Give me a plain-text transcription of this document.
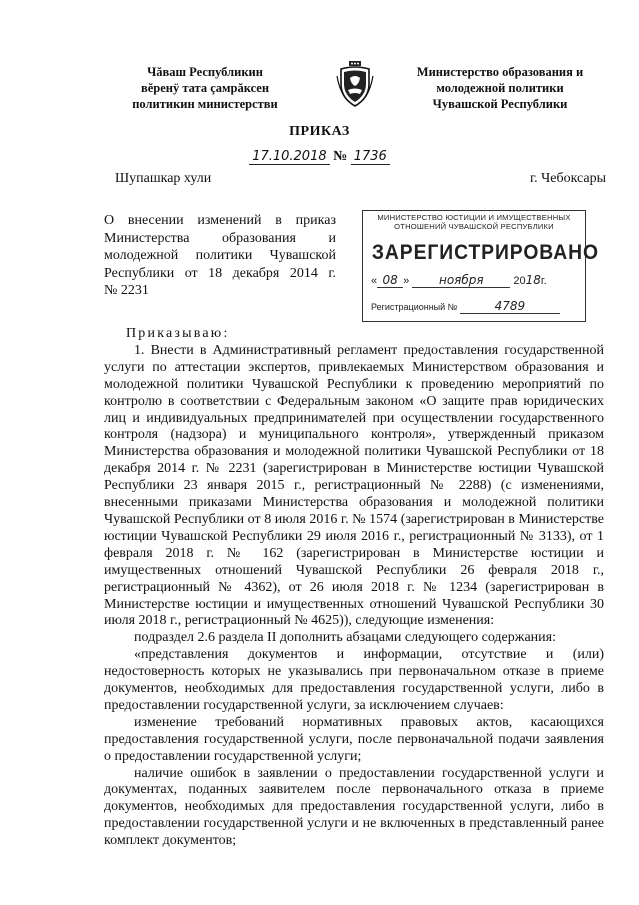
Чăваш Республикин
вĕренÿ тата çамрăксен
политикин министерстви
Министерство образования и
молодежной политики
Чувашской Республики
ПРИКАЗ
17.10.2018 № 1736
Шупашкар хули	г. Чебоксары
О внесении изменений в приказ
Министерства образования и
молодежной политики Чувашской
Республики от 18 декабря 2014 г.
№ 2231
МИНИСТЕРСТВО ЮСТИЦИИ И ИМУЩЕСТВЕННЫХ
ОТНОШЕНИЙ ЧУВАШСКОЙ РЕСПУБЛИКИ
ЗАРЕГИСТРИРОВАНО
« 08 » ноября	2018г.
Регистрационный №	4789
Приказываю:
1. Внести в Административный регламент предоставления государственной услуги по аттестации экспертов, привлекаемых Министерством образования и молодежной политики Чувашской Республики к проведению мероприятий по контролю в соответствии с Федеральным законом «О защите прав юридических лиц и индивидуальных предпринимателей при осуществлении государственного контроля (надзора) и муниципального контроля», утвержденный приказом Министерства образования и молодежной политики Чувашской Республики от 18 декабря 2014 г. № 2231 (зарегистрирован в Министерстве юстиции Чувашской Республики 23 января 2015 г., регистрационный № 2288) (с изменениями, внесенными приказами Министерства образования и молодежной политики Чувашской Республики от 8 июля 2016 г. № 1574 (зарегистрирован в Министерстве юстиции Чувашской Республики 29 июля 2016 г., регистрационный № 3133), от 1 февраля 2018 г. № 162 (зарегистрирован в Министерстве юстиции и имущественных отношений Чувашской Республики 26 февраля 2018 г., регистрационный № 4362), от 26 июля 2018 г. № 1234 (зарегистрирован в Министерстве юстиции и имущественных отношений Чувашской Республики 30 июля 2018 г., регистрационный № 4625)), следующие изменения:
подраздел 2.6 раздела II дополнить абзацами следующего содержания:
«представления документов и информации, отсутствие и (или) недостоверность которых не указывались при первоначальном отказе в приеме документов, необходимых для предоставления государственной услуги, либо в предоставлении государственной услуги, за исключением случаев:
изменение требований нормативных правовых актов, касающихся предоставления государственной услуги, после первоначальной подачи заявления о предоставлении государственной услуги;
наличие ошибок в заявлении о предоставлении государственной услуги и документах, поданных заявителем после первоначального отказа в приеме документов, необходимых для предоставления государственной услуги, либо в предоставлении государственной услуги и не включенных в представленный ранее комплект документов;
